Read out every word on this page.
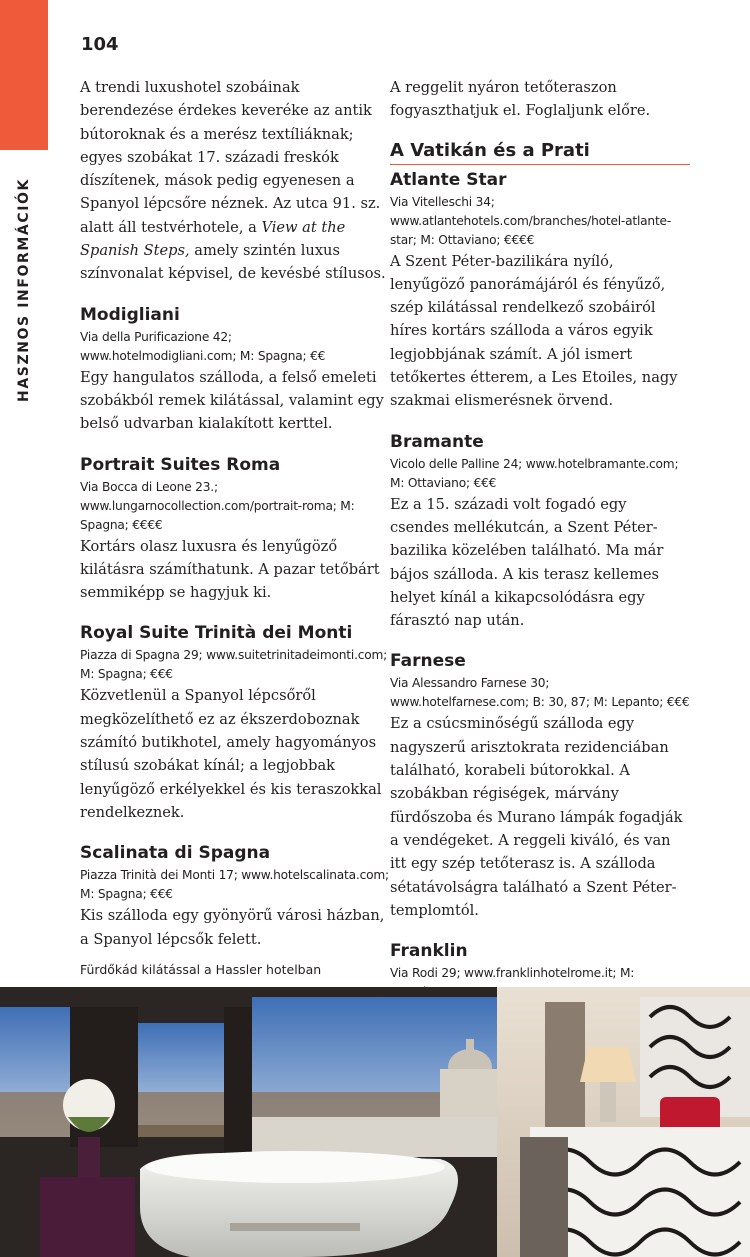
HASZNOS INFORMÁCIÓK
104

A trendi luxushotel szobáinak berendezése érdekes keveréke az antik bútoroknak és a merész textíliáknak; egyes szobákat 17. századi freskók díszítenek, mások pedig egyenesen a Spanyol lépcsőre néznek. Az utca 91. sz. alatt áll testvérhotele, a View at the Spanish Steps, amely szintén luxus színvonalat képvisel, de kevésbé stílusos.

Modigliani

Via della Purificazione 42; www.hotelmodigliani.com; M: Spagna; €€

Egy hangulatos szálloda, a felső emeleti szobákból remek kilátással, valamint egy belső udvarban kialakított kerttel.

Portrait Suites Roma

Via Bocca di Leone 23.; www.lungarnocollection.com/portrait-roma; M: Spagna; €€€€

Kortárs olasz luxusra és lenyűgöző kilátásra számíthatunk. A pazar tetőbárt semmiképp se hagyjuk ki.

Royal Suite Trinità dei Monti

Piazza di Spagna 29; www.suitetrinitadeimonti.com; M: Spagna; €€€

Közvetlenül a Spanyol lépcsőről megközelíthető ez az ékszerdoboznak számító butikhotel, amely hagyományos stílusú szobákat kínál; a legjobbak lenyűgöző erkélyekkel és kis teraszokkal rendelkeznek.

Scalinata di Spagna

Piazza Trinità dei Monti 17; www.hotelscalinata.com; M: Spagna; €€€

Kis szálloda egy gyönyörű városi házban, a Spanyol lépcsők felett.

A reggelit nyáron tetőteraszon fogyaszthatjuk el. Foglaljunk előre.

A Vatikán és a Prati
Atlante Star

Via Vitelleschi 34; www.atlantehotels.com/branches/hotel-atlante-star; M: Ottaviano; €€€€

A Szent Péter-bazilikára nyíló, lenyűgöző panorámájáról és fényűző, szép kilátással rendelkező szobáiról híres kortárs szálloda a város egyik legjobbjának számít. A jól ismert tetőkertes étterem, a Les Etoiles, nagy szakmai elismerésnek örvend.

Bramante

Vicolo delle Palline 24; www.hotelbramante.com; M: Ottaviano; €€€

Ez a 15. századi volt fogadó egy csendes mellékutcán, a Szent Péter-bazilika közelében található. Ma már bájos szálloda. A kis terasz kellemes helyet kínál a kikapcsolódásra egy fárasztó nap után.

Farnese

Via Alessandro Farnese 30; www.hotelfarnese.com; B: 30, 87; M: Lepanto; €€€

Ez a csúcsminőségű szálloda egy nagyszerű arisztokrata rezidenciában található, korabeli bútorokkal. A szobákban régiségek, márvány fürdőszoba és Murano lámpák fogadják a vendégeket. A reggeli kiváló, és van itt egy szép tetőterasz is. A szálloda sétatávolságra található a Szent Péter-templomtól.

Franklin

Via Rodi 29; www.franklinhotelrome.it; M:

Fürdőkád kilátással a Hassler hotelban
